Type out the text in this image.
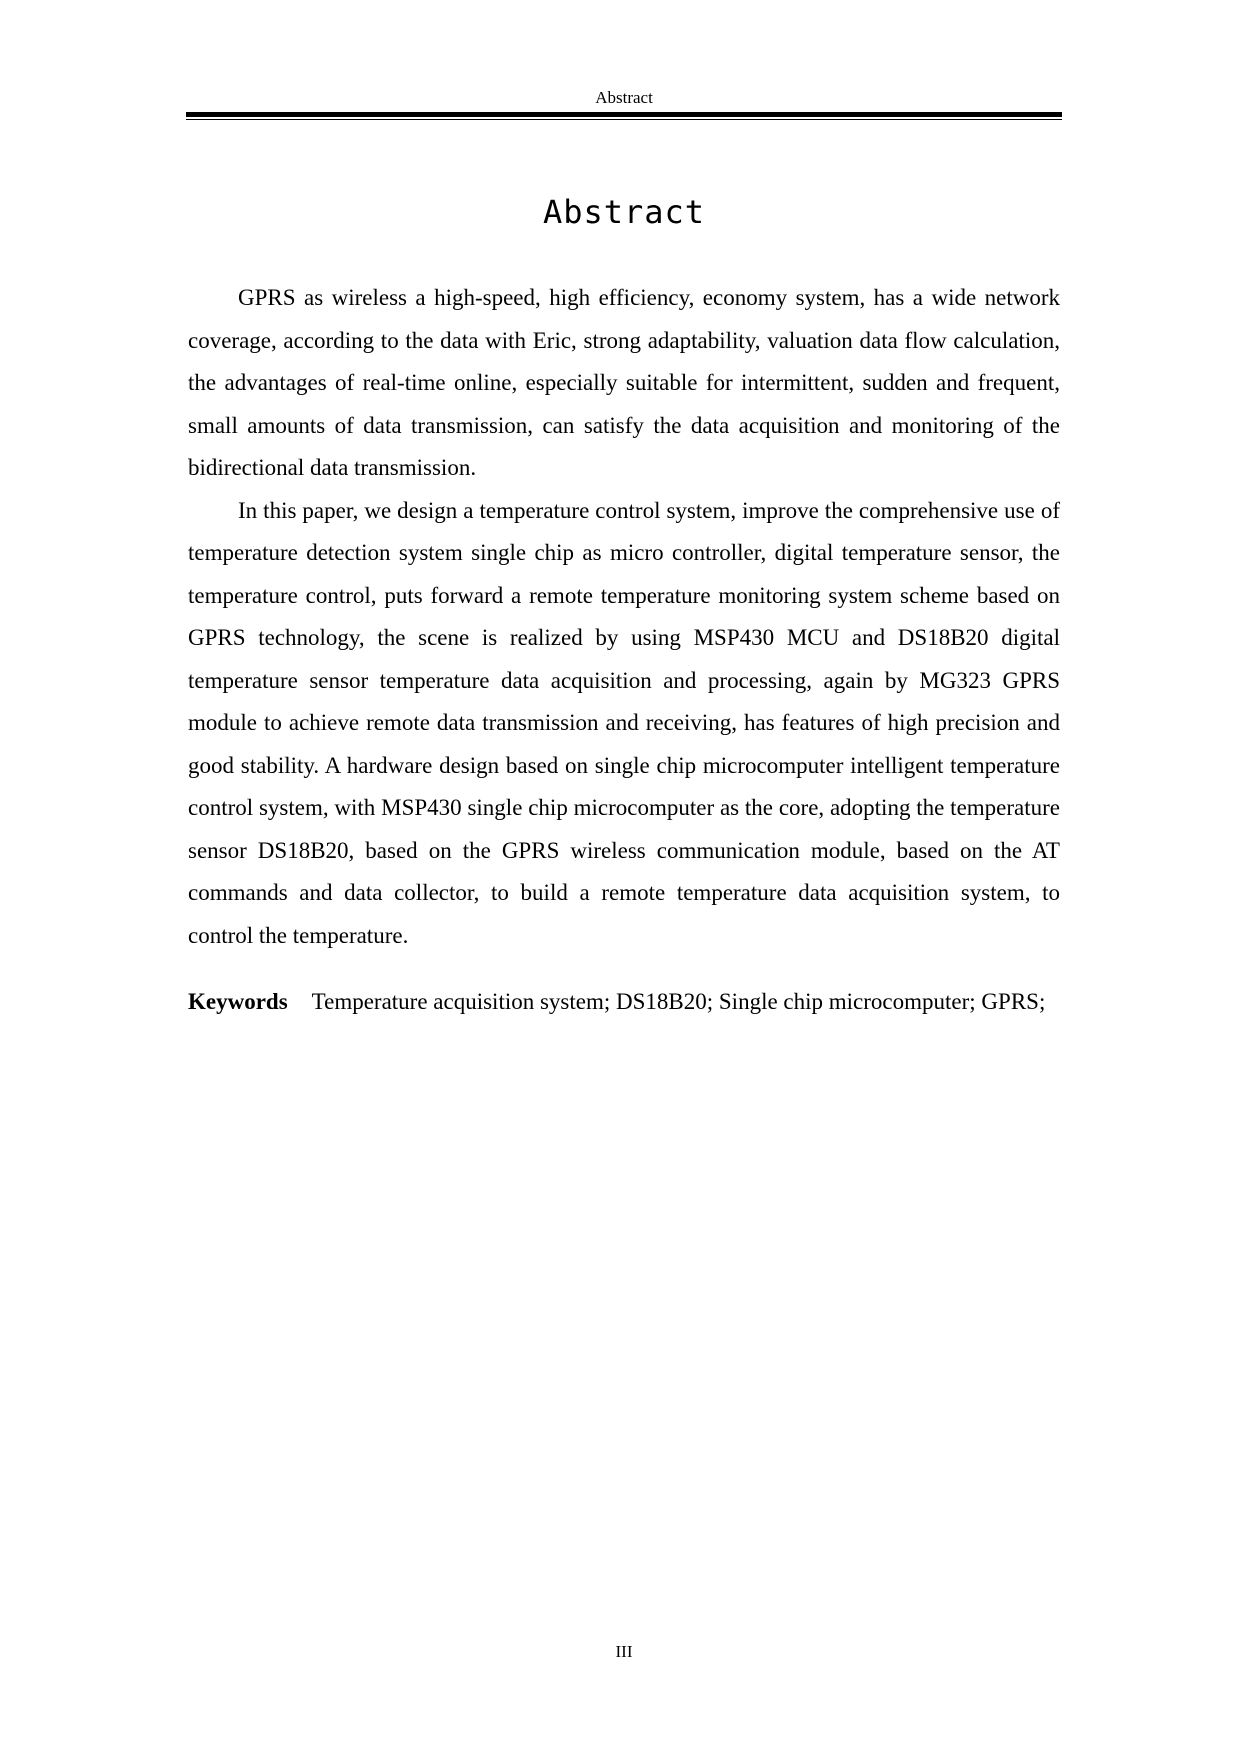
Abstract
Abstract

GPRS as wireless a high-speed, high efficiency, economy system, has a wide network coverage, according to the data with Eric, strong adaptability, valuation data flow calculation, the advantages of real-time online, especially suitable for intermittent, sudden and frequent, small amounts of data transmission, can satisfy the data acquisition and monitoring of the bidirectional data transmission.

In this paper, we design a temperature control system, improve the comprehensive use of temperature detection system single chip as micro controller, digital temperature sensor, the temperature control, puts forward a remote temperature monitoring system scheme based on GPRS technology, the scene is realized by using MSP430 MCU and DS18B20 digital temperature sensor temperature data acquisition and processing, again by MG323 GPRS module to achieve remote data transmission and receiving, has features of high precision and good stability. A hardware design based on single chip microcomputer intelligent temperature control system, with MSP430 single chip microcomputer as the core, adopting the temperature sensor DS18B20, based on the GPRS wireless communication module, based on the AT commands and data collector, to build a remote temperature data acquisition system, to control the temperature.

Keywords Temperature acquisition system; DS18B20; Single chip microcomputer; GPRS;

III
